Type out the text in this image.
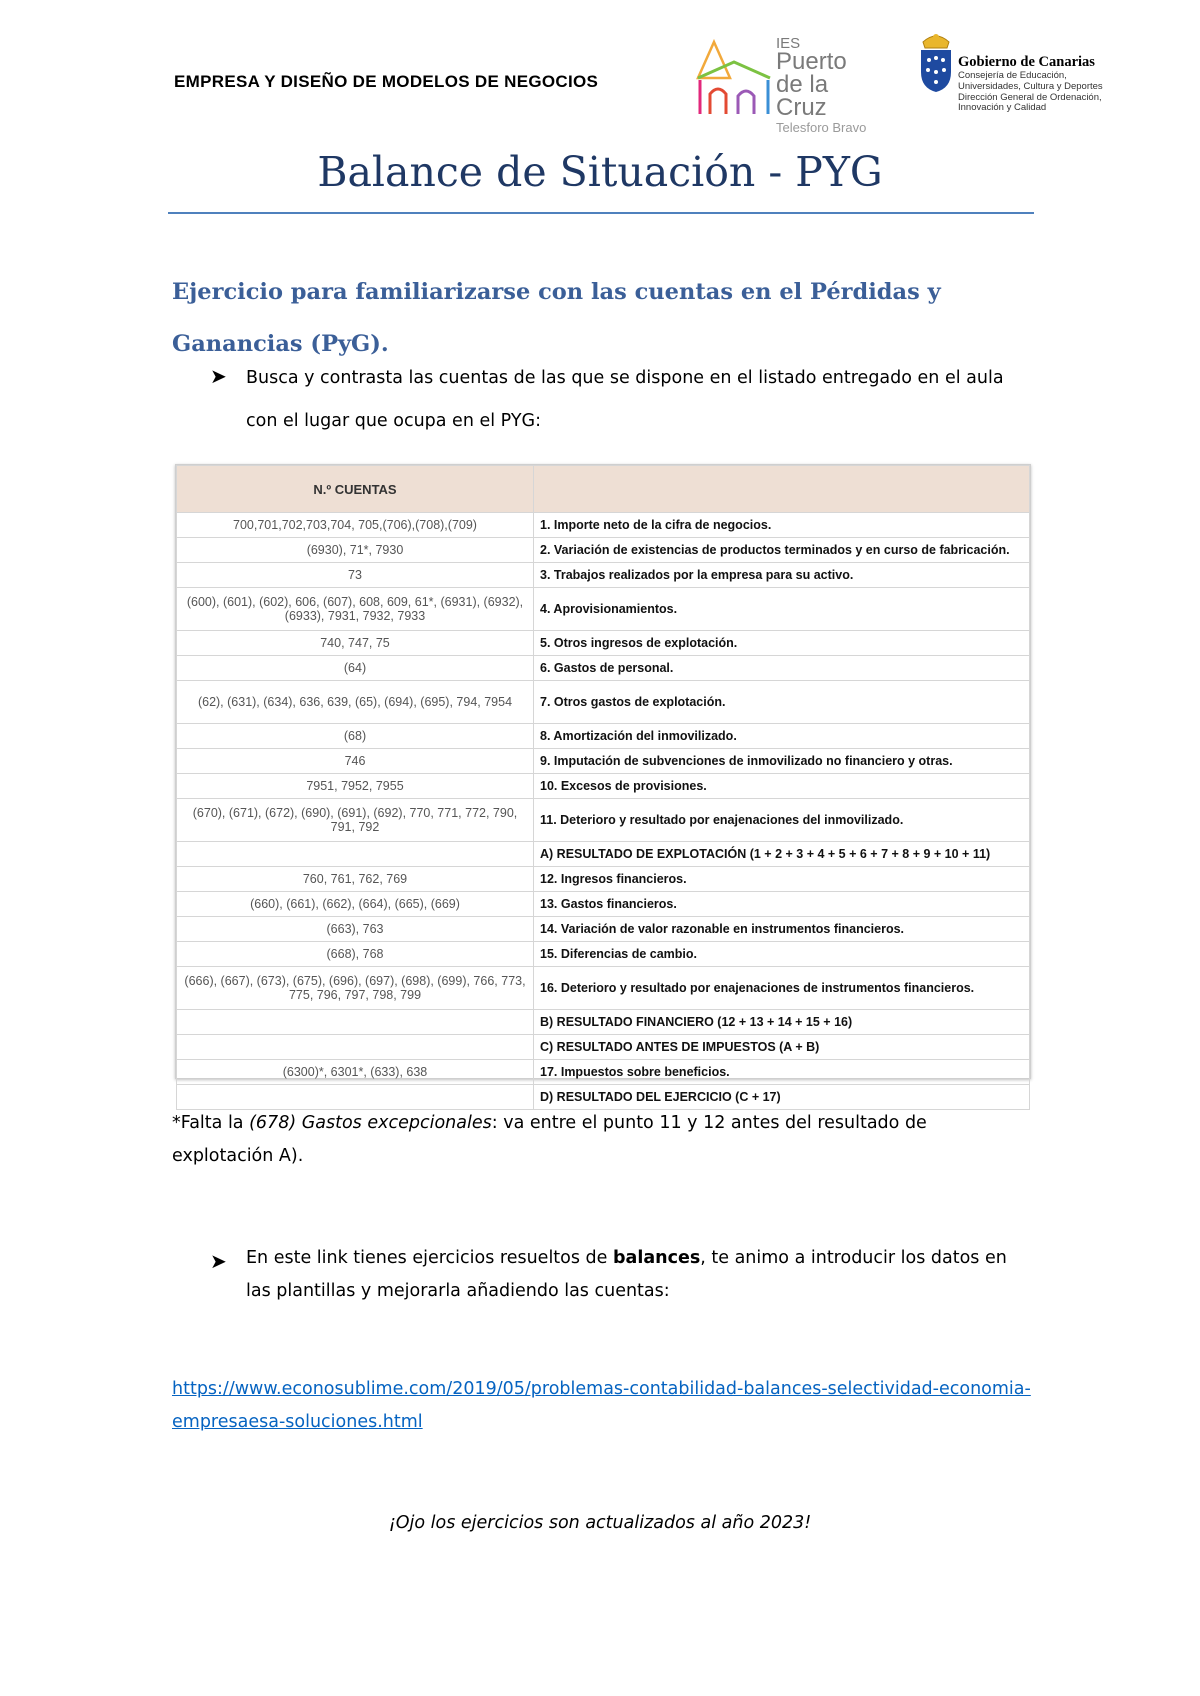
EMPRESA Y DISEÑO DE MODELOS DE NEGOCIOS
IES
Puerto
de la
Cruz
Telesforo Bravo
Gobierno de Canarias
Consejería de Educación,
Universidades, Cultura y Deportes
Dirección General de Ordenación,
Innovación y Calidad
Balance de Situación - PYG
Ejercicio para familiarizarse con las cuentas en el Pérdidas y Ganancias (PyG).
➤ Busca y contrasta las cuentas de las que se dispone en el listado entregado en el aula con el lugar que ocupa en el PYG:
N.º CUENTAS	
700,701,702,703,704, 705,(706),(708),(709)	1. Importe neto de la cifra de negocios.
(6930), 71*, 7930	2. Variación de existencias de productos terminados y en curso de fabricación.
73	3. Trabajos realizados por la empresa para su activo.
(600), (601), (602), 606, (607), 608, 609, 61*, (6931), (6932), (6933), 7931, 7932, 7933	4. Aprovisionamientos.
740, 747, 75	5. Otros ingresos de explotación.
(64)	6. Gastos de personal.
(62), (631), (634), 636, 639, (65), (694), (695), 794, 7954	7. Otros gastos de explotación.
(68)	8. Amortización del inmovilizado.
746	9. Imputación de subvenciones de inmovilizado no financiero y otras.
7951, 7952, 7955	10. Excesos de provisiones.
(670), (671), (672), (690), (691), (692), 770, 771, 772, 790, 791, 792	11. Deterioro y resultado por enajenaciones del inmovilizado.
	A) RESULTADO DE EXPLOTACIÓN (1 + 2 + 3 + 4 + 5 + 6 + 7 + 8 + 9 + 10 + 11)
760, 761, 762, 769	12. Ingresos financieros.
(660), (661), (662), (664), (665), (669)	13. Gastos financieros.
(663), 763	14. Variación de valor razonable en instrumentos financieros.
(668), 768	15. Diferencias de cambio.
(666), (667), (673), (675), (696), (697), (698), (699), 766, 773, 775, 796, 797, 798, 799	16. Deterioro y resultado por enajenaciones de instrumentos financieros.
	B) RESULTADO FINANCIERO (12 + 13 + 14 + 15 + 16)
	C) RESULTADO ANTES DE IMPUESTOS (A + B)
(6300)*, 6301*, (633), 638	17. Impuestos sobre beneficios.
	D) RESULTADO DEL EJERCICIO (C + 17)
*Falta la (678) Gastos excepcionales: va entre el punto 11 y 12 antes del resultado de explotación A).
➤ En este link tienes ejercicios resueltos de balances, te animo a introducir los datos en las plantillas y mejorarla añadiendo las cuentas:
https://www.econosublime.com/2019/05/problemas-contabilidad-balances-selectividad-economia-empresaesa-soluciones.html
¡Ojo los ejercicios son actualizados al año 2023!
